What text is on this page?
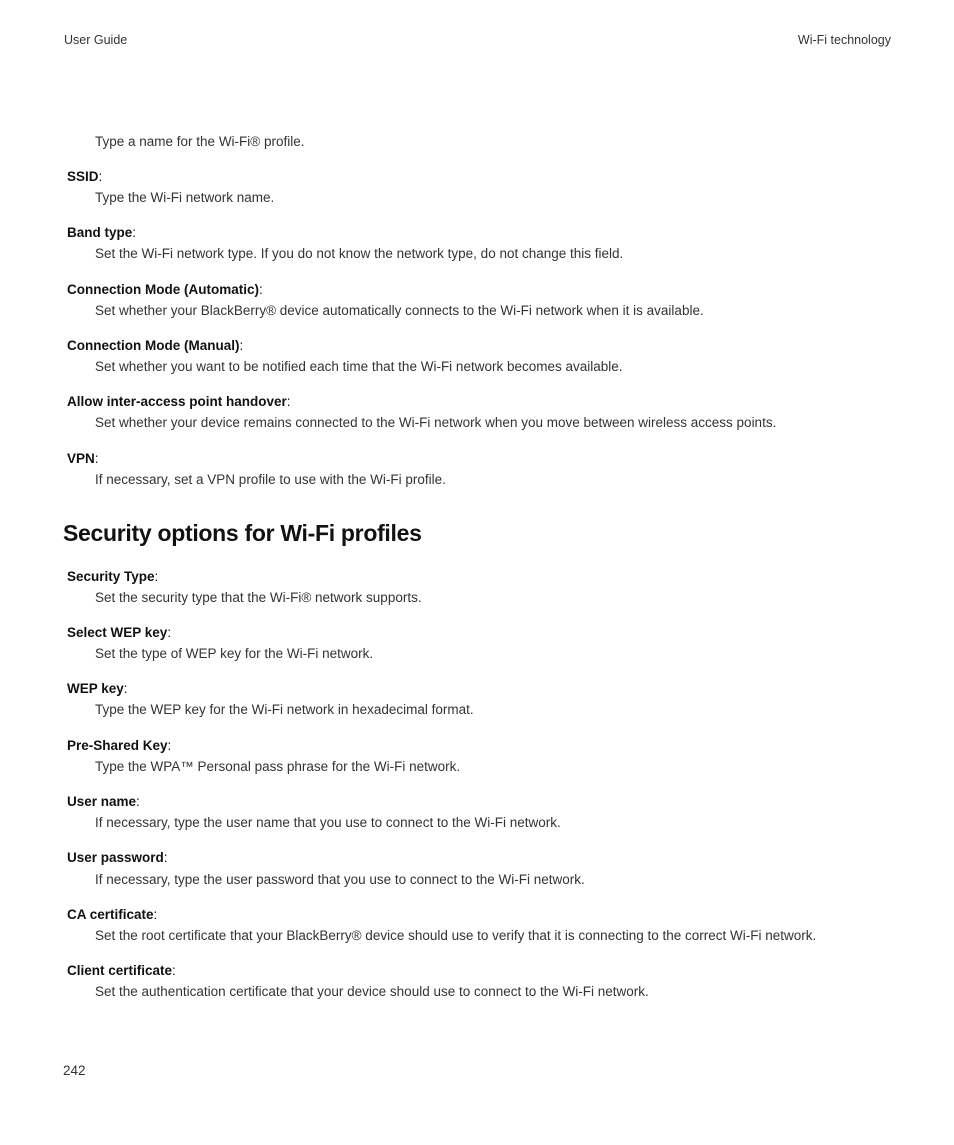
User Guide	Wi-Fi technology
Type a name for the Wi-Fi® profile.
SSID:
Type the Wi-Fi network name.
Band type:
Set the Wi-Fi network type. If you do not know the network type, do not change this field.
Connection Mode (Automatic):
Set whether your BlackBerry® device automatically connects to the Wi-Fi network when it is available.
Connection Mode (Manual):
Set whether you want to be notified each time that the Wi-Fi network becomes available.
Allow inter-access point handover:
Set whether your device remains connected to the Wi-Fi network when you move between wireless access points.
VPN:
If necessary, set a VPN profile to use with the Wi-Fi profile.
Security options for Wi-Fi profiles
Security Type:
Set the security type that the Wi-Fi® network supports.
Select WEP key:
Set the type of WEP key for the Wi-Fi network.
WEP key:
Type the WEP key for the Wi-Fi network in hexadecimal format.
Pre-Shared Key:
Type the WPA™ Personal pass phrase for the Wi-Fi network.
User name:
If necessary, type the user name that you use to connect to the Wi-Fi network.
User password:
If necessary, type the user password that you use to connect to the Wi-Fi network.
CA certificate:
Set the root certificate that your BlackBerry® device should use to verify that it is connecting to the correct Wi-Fi network.
Client certificate:
Set the authentication certificate that your device should use to connect to the Wi-Fi network.
242
